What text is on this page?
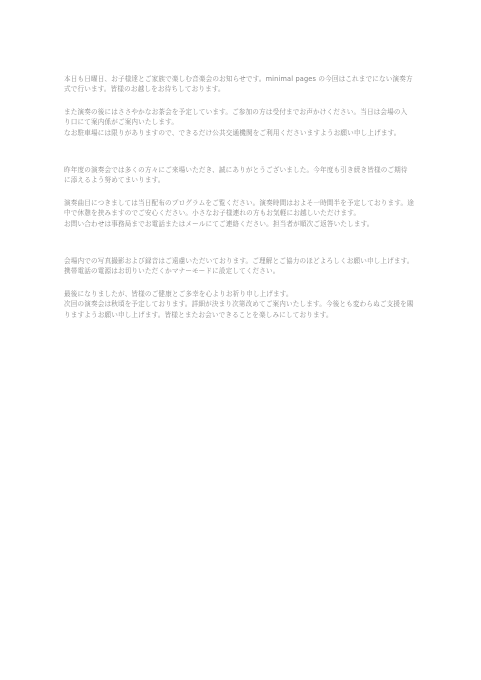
本日も日曜日、お子様達とご家族で楽しむ音楽会のお知らせです。minimal pages の今回はこれまでにない演奏方式で行います。皆様のお越しをお待ちしております。

また演奏の後にはささやかなお茶会を予定しています。ご参加の方は受付までお声かけください。当日は会場の入り口にて案内係がご案内いたします。

なお駐車場には限りがありますので、できるだけ公共交通機関をご利用くださいますようお願い申し上げます。

昨年度の演奏会では多くの方々にご来場いただき、誠にありがとうございました。今年度も引き続き皆様のご期待に添えるよう努めてまいります。

演奏曲目につきましては当日配布のプログラムをご覧ください。演奏時間はおよそ一時間半を予定しております。途中で休憩を挟みますのでご安心ください。小さなお子様連れの方もお気軽にお越しいただけます。

お問い合わせは事務局までお電話またはメールにてご連絡ください。担当者が順次ご返答いたします。

会場内での写真撮影および録音はご遠慮いただいております。ご理解とご協力のほどよろしくお願い申し上げます。携帯電話の電源はお切りいただくかマナーモードに設定してください。

最後になりましたが、皆様のご健康とご多幸を心よりお祈り申し上げます。

次回の演奏会は秋頃を予定しております。詳細が決まり次第改めてご案内いたします。今後とも変わらぬご支援を賜りますようお願い申し上げます。皆様とまたお会いできることを楽しみにしております。
